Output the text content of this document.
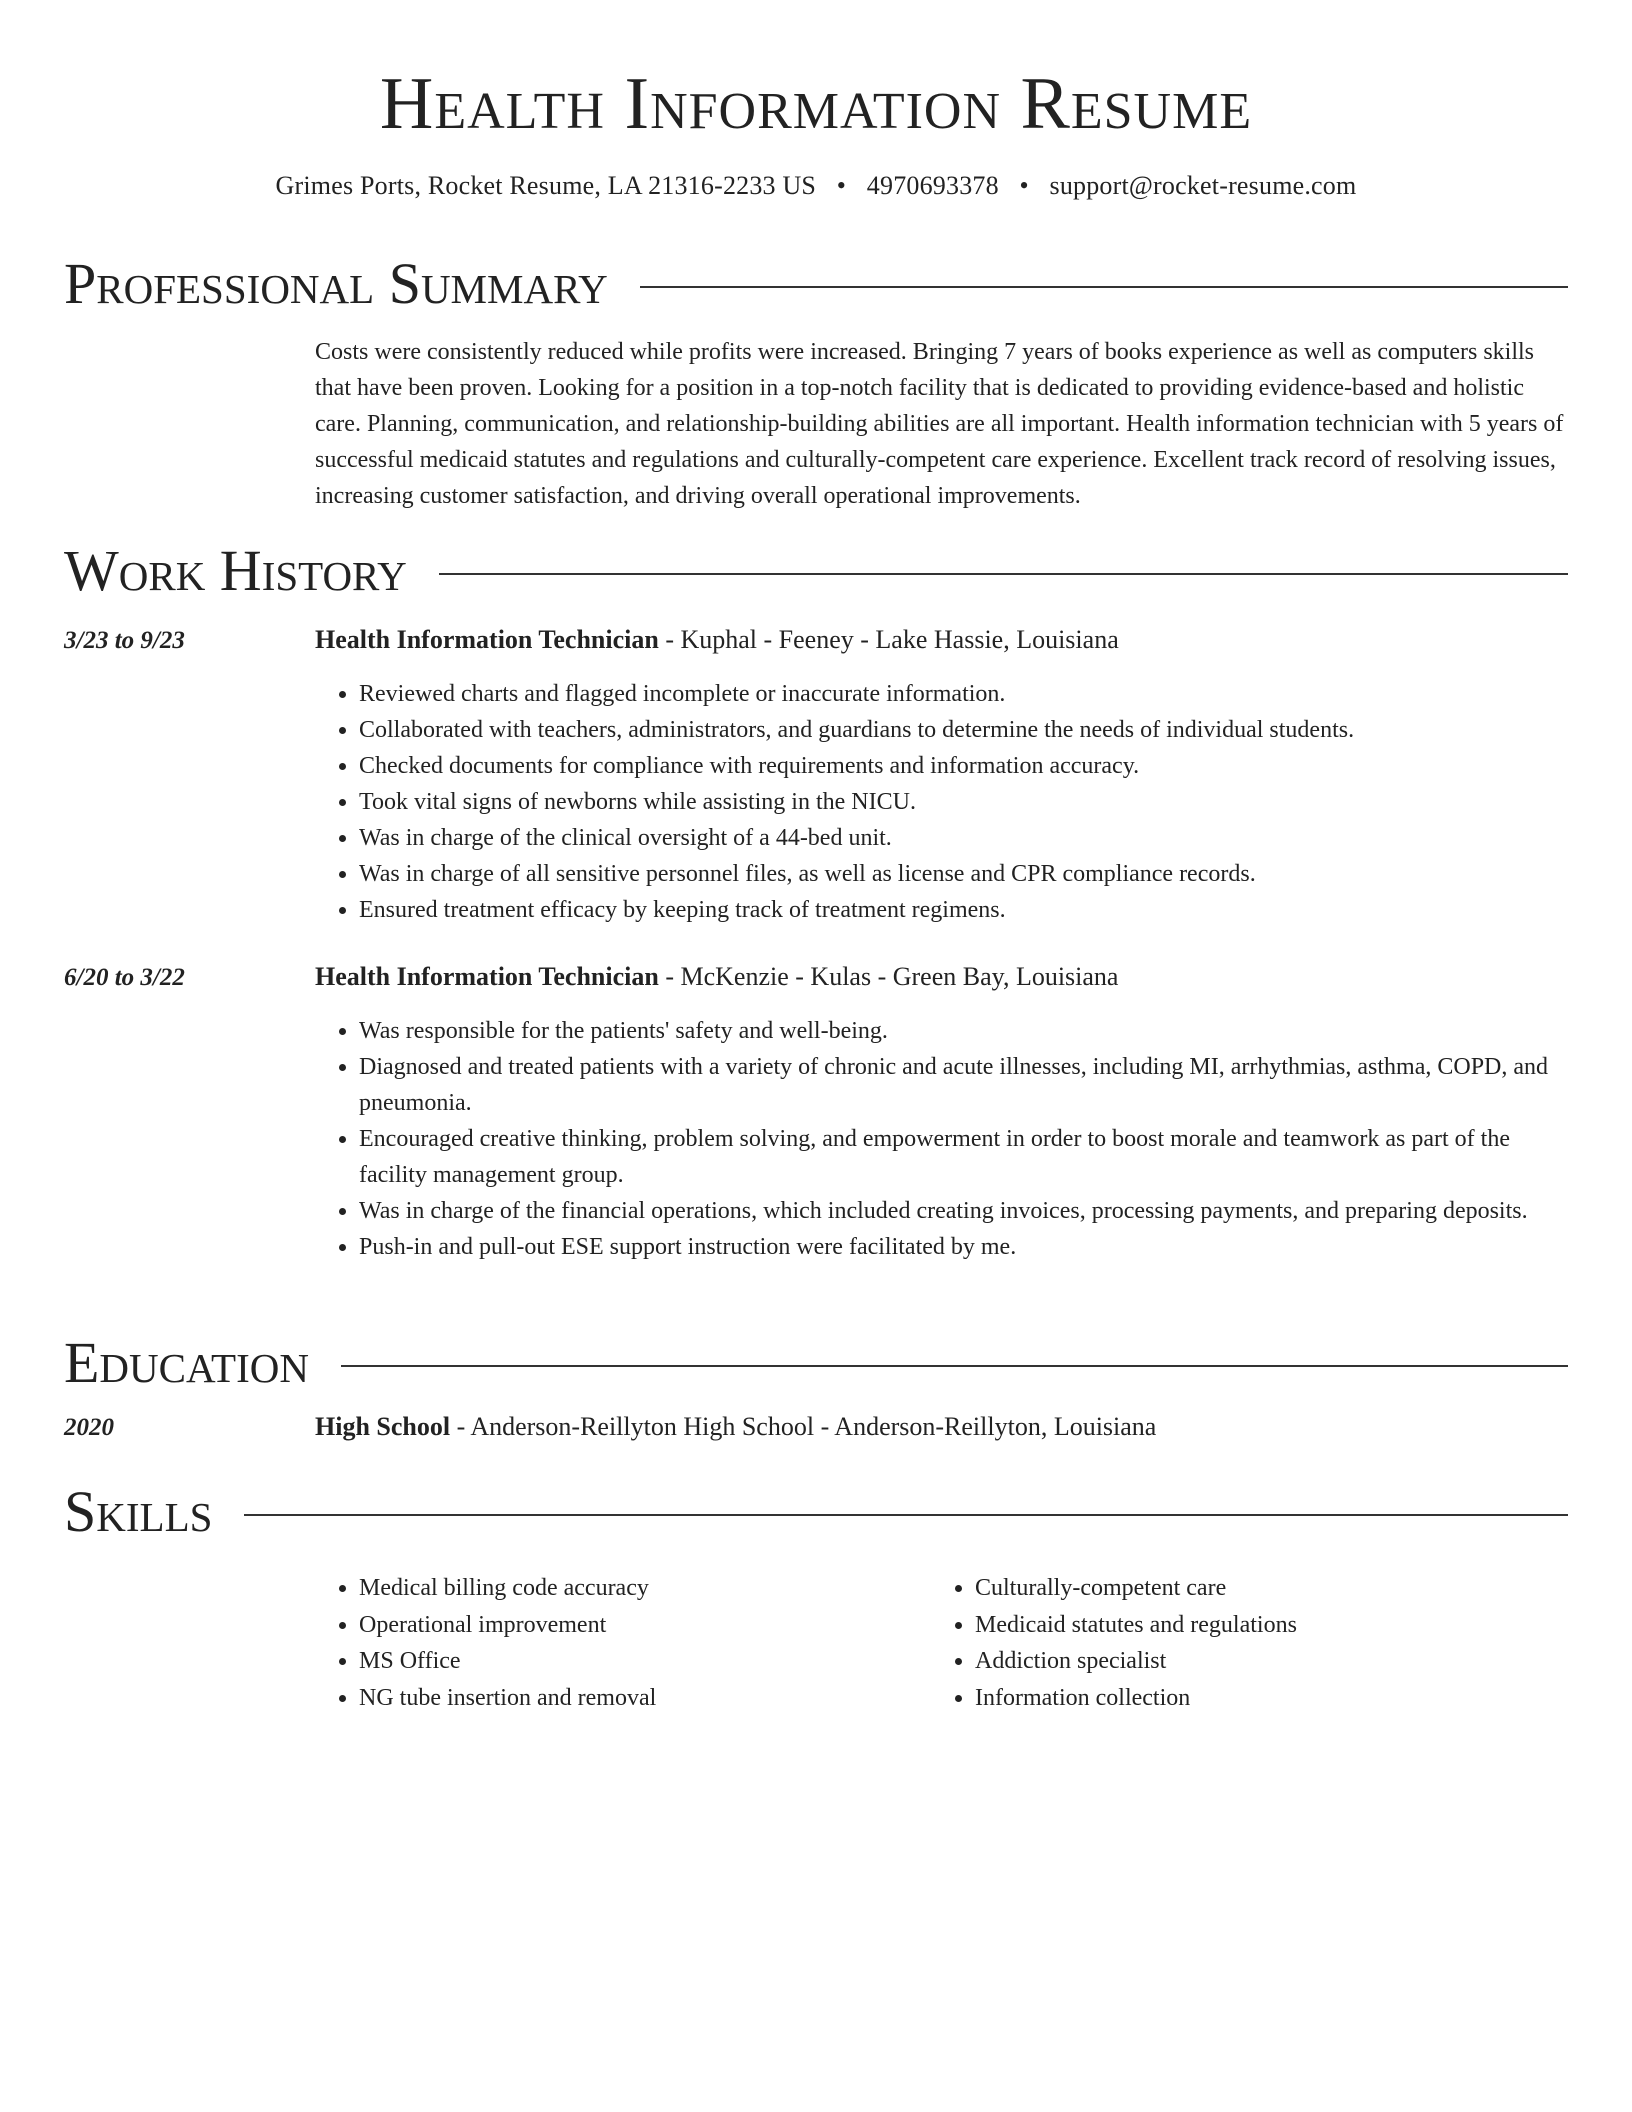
Health Information Resume
Grimes Ports, Rocket Resume, LA 21316-2233 US • 4970693378 • support@rocket-resume.com
Professional Summary
Costs were consistently reduced while profits were increased. Bringing 7 years of books experience as well as computers skills that have been proven. Looking for a position in a top-notch facility that is dedicated to providing evidence-based and holistic care. Planning, communication, and relationship-building abilities are all important. Health information technician with 5 years of successful medicaid statutes and regulations and culturally-competent care experience. Excellent track record of resolving issues, increasing customer satisfaction, and driving overall operational improvements.
Work History
3/23 to 9/23	Health Information Technician - Kuphal - Feeney - Lake Hassie, Louisiana
• Reviewed charts and flagged incomplete or inaccurate information.
• Collaborated with teachers, administrators, and guardians to determine the needs of individual students.
• Checked documents for compliance with requirements and information accuracy.
• Took vital signs of newborns while assisting in the NICU.
• Was in charge of the clinical oversight of a 44-bed unit.
• Was in charge of all sensitive personnel files, as well as license and CPR compliance records.
• Ensured treatment efficacy by keeping track of treatment regimens.
6/20 to 3/22	Health Information Technician - McKenzie - Kulas - Green Bay, Louisiana
• Was responsible for the patients' safety and well-being.
• Diagnosed and treated patients with a variety of chronic and acute illnesses, including MI, arrhythmias, asthma, COPD, and pneumonia.
• Encouraged creative thinking, problem solving, and empowerment in order to boost morale and teamwork as part of the facility management group.
• Was in charge of the financial operations, which included creating invoices, processing payments, and preparing deposits.
• Push-in and pull-out ESE support instruction were facilitated by me.
Education
2020	High School - Anderson-Reillyton High School - Anderson-Reillyton, Louisiana
Skills
• Medical billing code accuracy
• Operational improvement
• MS Office
• NG tube insertion and removal
• Culturally-competent care
• Medicaid statutes and regulations
• Addiction specialist
• Information collection
